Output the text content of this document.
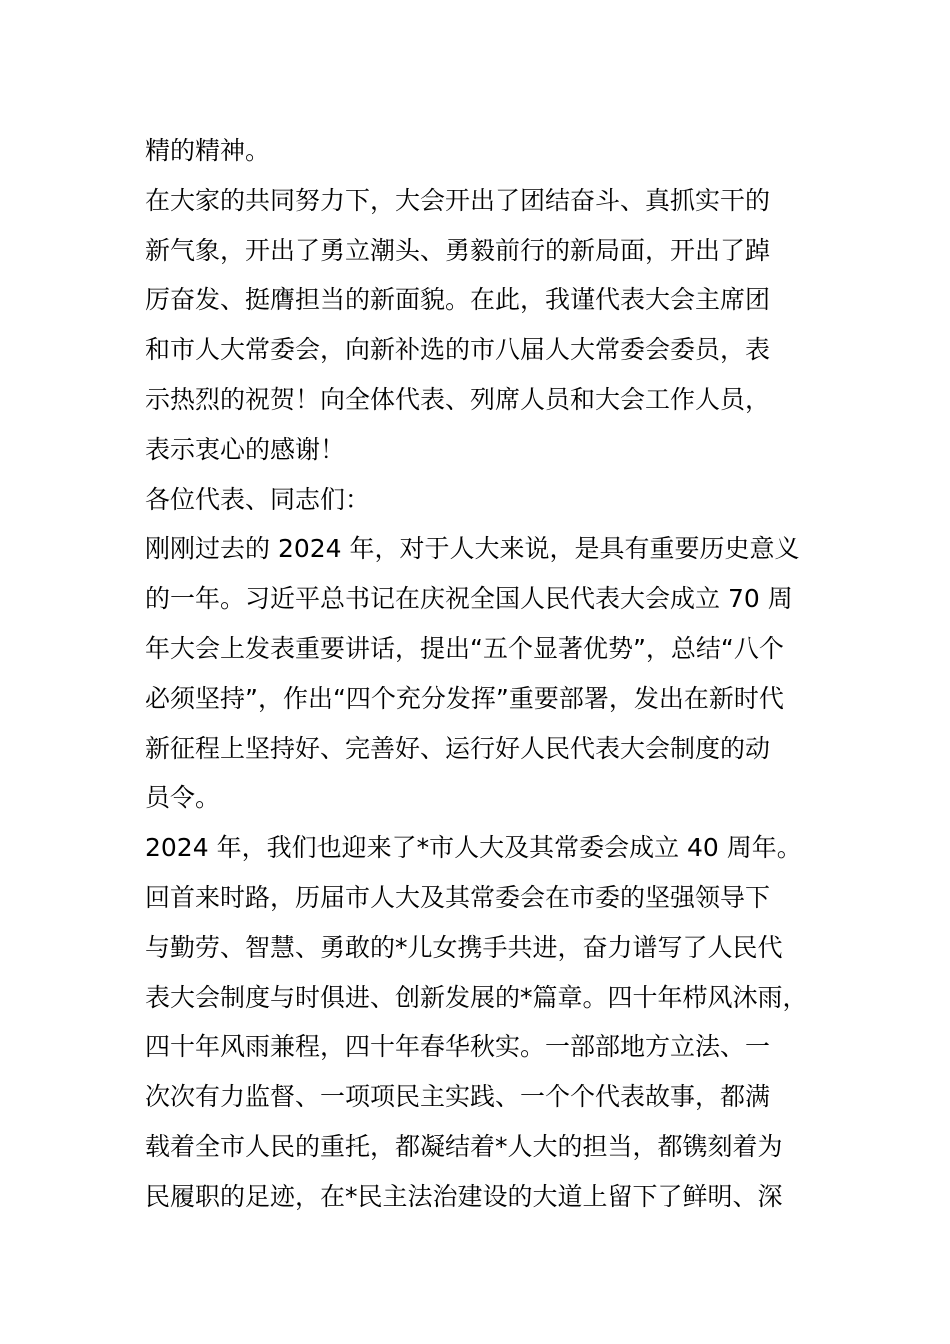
精的精神。
在大家的共同努力下，大会开出了团结奋斗、真抓实干的
新气象，开出了勇立潮头、勇毅前行的新局面，开出了踔
厉奋发、挺膺担当的新面貌。在此，我谨代表大会主席团
和市人大常委会，向新补选的市八届人大常委会委员，表
示热烈的祝贺！向全体代表、列席人员和大会工作人员，
表示衷心的感谢！
各位代表、同志们：
刚刚过去的 2024 年，对于人大来说，是具有重要历史意义
的一年。习近平总书记在庆祝全国人民代表大会成立 70 周
年大会上发表重要讲话，提出“五个显著优势”，总结“八个
必须坚持”，作出“四个充分发挥”重要部署，发出在新时代
新征程上坚持好、完善好、运行好人民代表大会制度的动
员令。
2024 年，我们也迎来了*市人大及其常委会成立 40 周年。
回首来时路，历届市人大及其常委会在市委的坚强领导下
与勤劳、智慧、勇敢的*儿女携手共进，奋力谱写了人民代
表大会制度与时俱进、创新发展的*篇章。四十年栉风沐雨，
四十年风雨兼程，四十年春华秋实。一部部地方立法、一
次次有力监督、一项项民主实践、一个个代表故事，都满
载着全市人民的重托，都凝结着*人大的担当，都镌刻着为
民履职的足迹，在*民主法治建设的大道上留下了鲜明、深
